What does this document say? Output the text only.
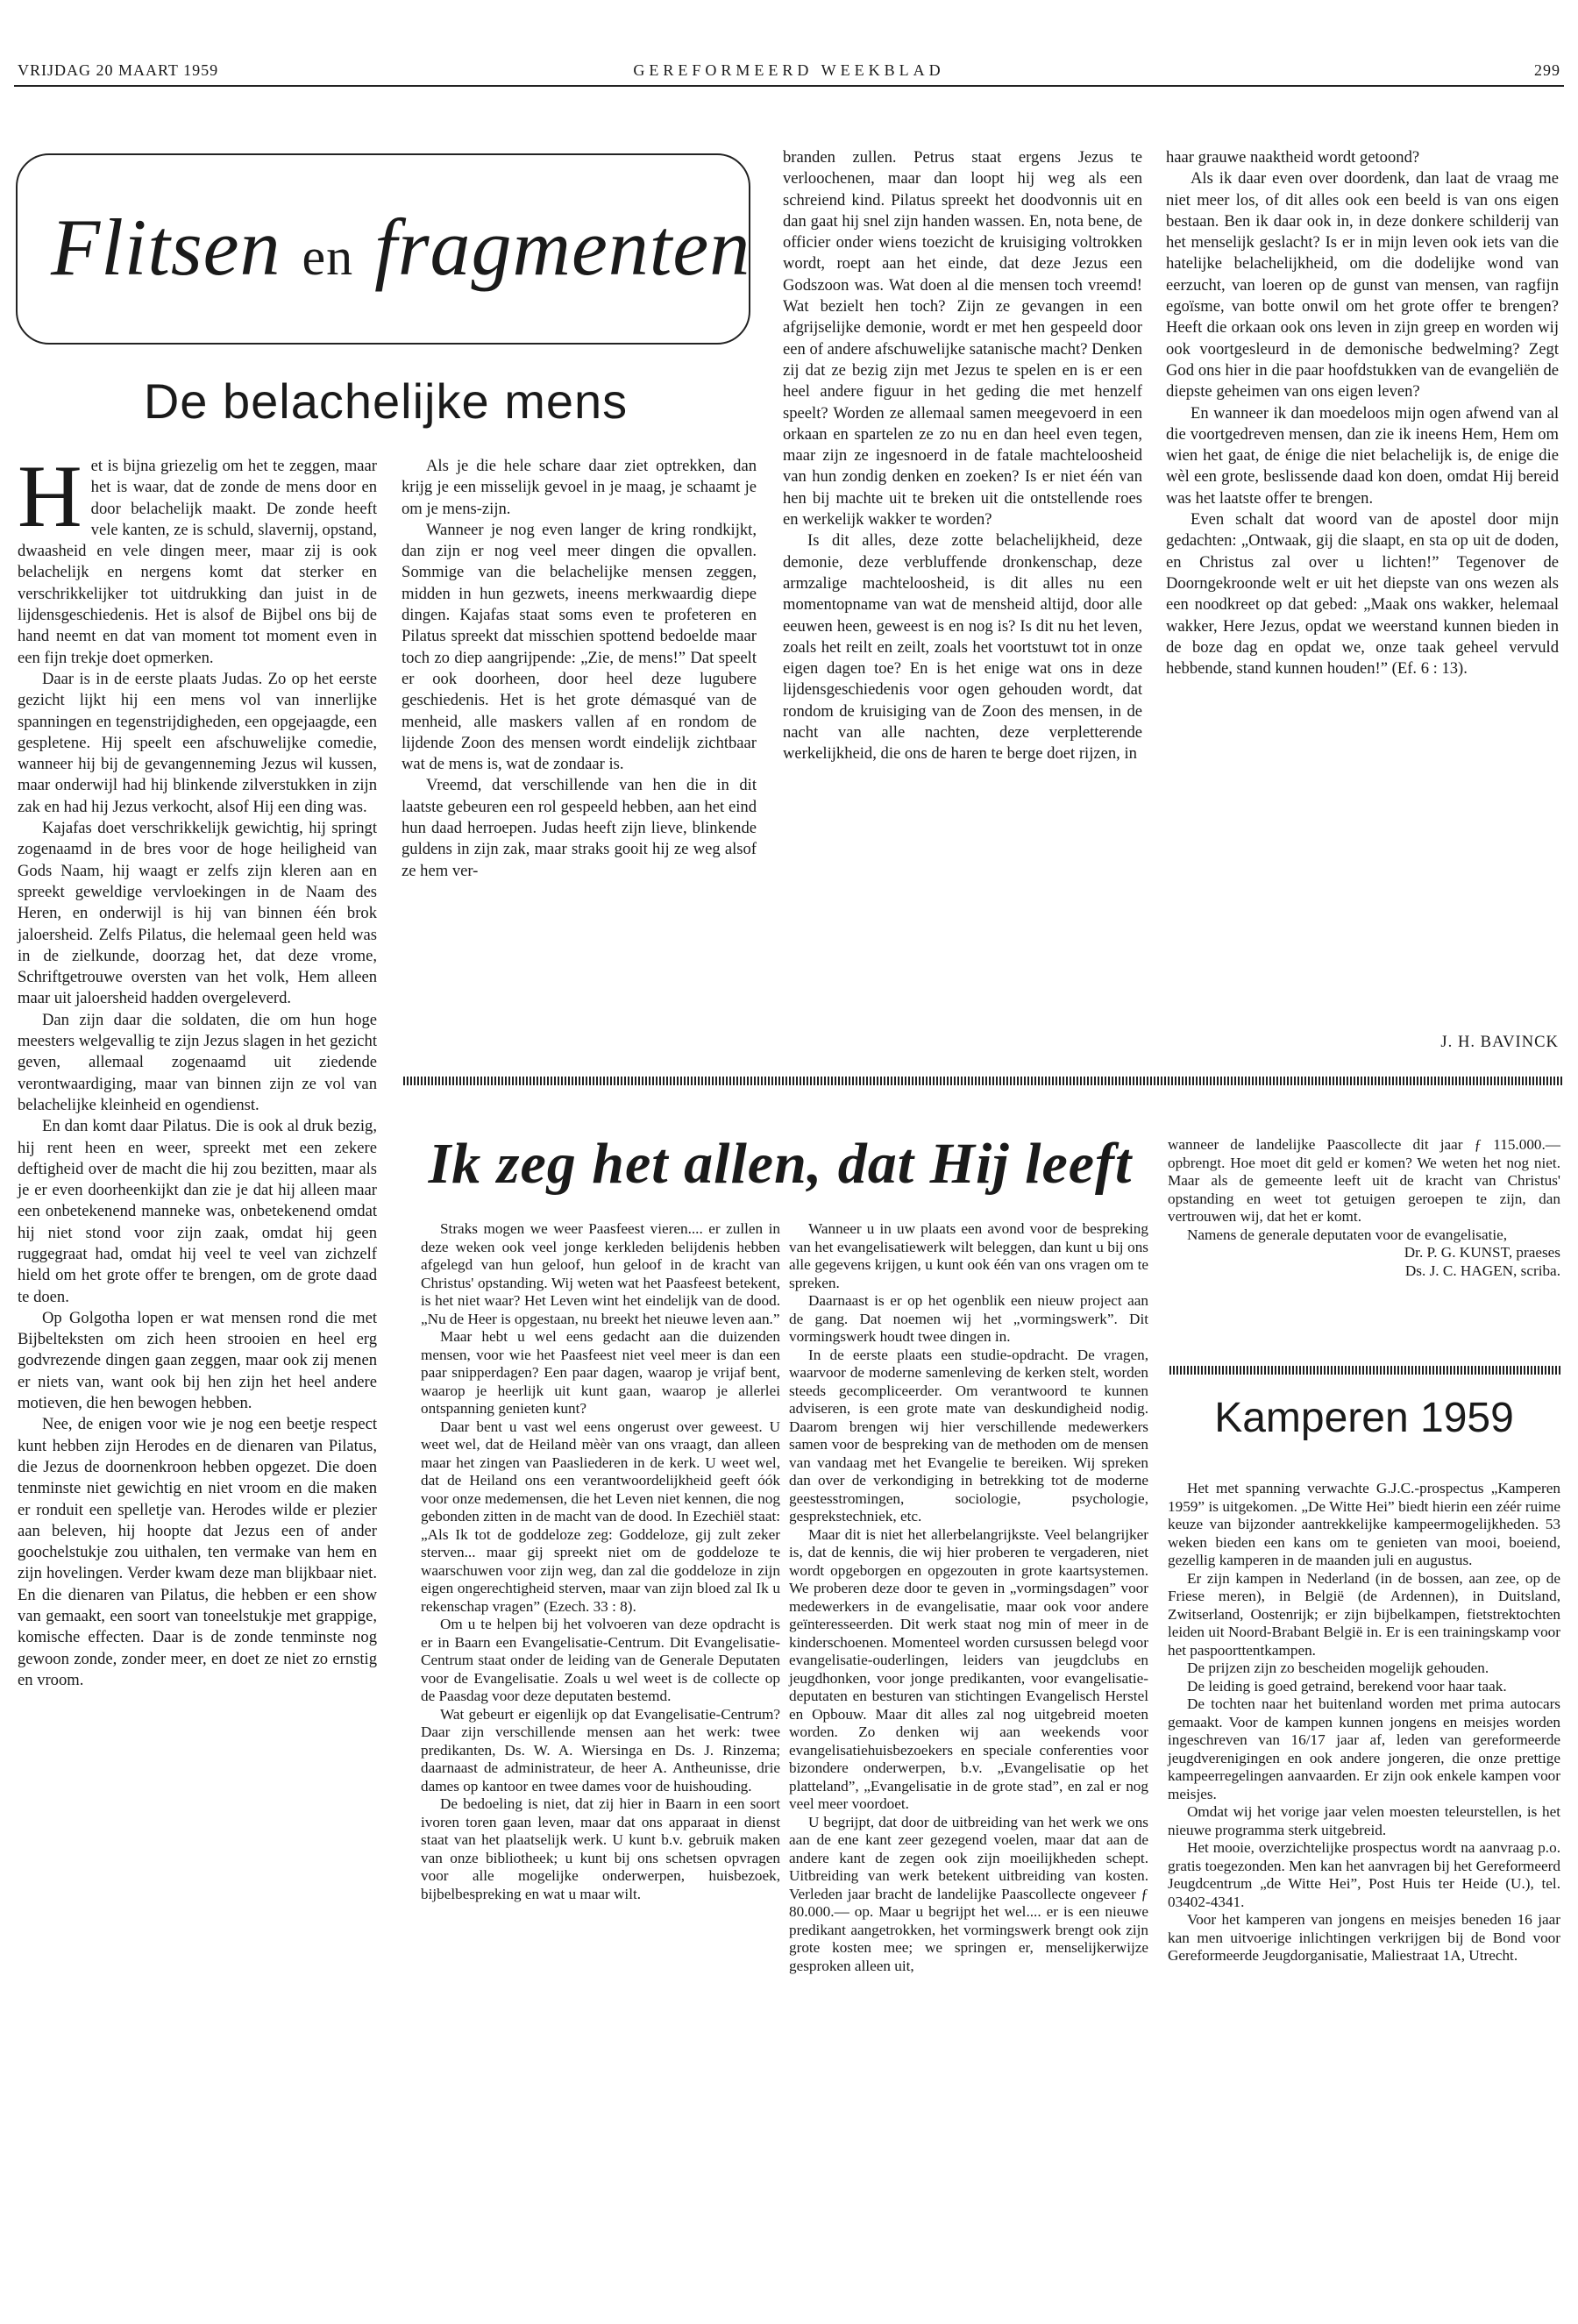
VRIJDAG 20 MAART 1959	GEREFORMEERD WEEKBLAD	299
Flitsen en fragmenten
De belachelijke mens

Het is bijna griezelig om het te zeggen, maar het is waar, dat de zonde de mens door en door belachelijk maakt. De zonde heeft vele kanten, ze is schuld, slavernij, opstand, dwaasheid en vele dingen meer, maar zij is ook belachelijk en nergens komt dat sterker en verschrikkelijker tot uitdrukking dan juist in de lijdensgeschiedenis. Het is alsof de Bijbel ons bij de hand neemt en dat van moment tot moment even in een fijn trekje doet opmerken.

Daar is in de eerste plaats Judas. Zo op het eerste gezicht lijkt hij een mens vol van innerlijke spanningen en tegenstrijdigheden, een opgejaagde, een gespletene. Hij speelt een afschuwelijke comedie, wanneer hij bij de gevangenneming Jezus wil kussen, maar onderwijl had hij blinkende zilverstukken in zijn zak en had hij Jezus verkocht, alsof Hij een ding was.

Kajafas doet verschrikkelijk gewichtig, hij springt zogenaamd in de bres voor de hoge heiligheid van Gods Naam, hij waagt er zelfs zijn kleren aan en spreekt geweldige vervloekingen in de Naam des Heren, en onderwijl is hij van binnen één brok jaloersheid. Zelfs Pilatus, die helemaal geen held was in de zielkunde, doorzag het, dat deze vrome, Schriftgetrouwe oversten van het volk, Hem alleen maar uit jaloersheid hadden overgeleverd.

Dan zijn daar die soldaten, die om hun hoge meesters welgevallig te zijn Jezus slagen in het gezicht geven, allemaal zogenaamd uit ziedende verontwaardiging, maar van binnen zijn ze vol van belachelijke kleinheid en ogendienst.

En dan komt daar Pilatus. Die is ook al druk bezig, hij rent heen en weer, spreekt met een zekere deftigheid over de macht die hij zou bezitten, maar als je er even doorheenkijkt dan zie je dat hij alleen maar een onbetekenend manneke was, onbetekenend omdat hij niet stond voor zijn zaak, omdat hij geen ruggegraat had, omdat hij veel te veel van zichzelf hield om het grote offer te brengen, om de grote daad te doen.

Op Golgotha lopen er wat mensen rond die met Bijbelteksten om zich heen strooien en heel erg godvrezende dingen gaan zeggen, maar ook zij menen er niets van, want ook bij hen zijn het heel andere motieven, die hen bewogen hebben.

Nee, de enigen voor wie je nog een beetje respect kunt hebben zijn Herodes en de dienaren van Pilatus, die Jezus de doornenkroon hebben opgezet. Die doen tenminste niet gewichtig en niet vroom en die maken er ronduit een spelletje van. Herodes wilde er plezier aan beleven, hij hoopte dat Jezus een of ander goochelstukje zou uithalen, ten vermake van hem en zijn hovelingen. Verder kwam deze man blijkbaar niet. En die dienaren van Pilatus, die hebben er een show van gemaakt, een soort van toneelstukje met grappige, komische effecten. Daar is de zonde tenminste nog gewoon zonde, zonder meer, en doet ze niet zo ernstig en vroom.

Als je die hele schare daar ziet optrekken, dan krijg je een misselijk gevoel in je maag, je schaamt je om je mens-zijn.

Wanneer je nog even langer de kring rondkijkt, dan zijn er nog veel meer dingen die opvallen. Sommige van die belachelijke mensen zeggen, midden in hun gezwets, ineens merkwaardig diepe dingen. Kajafas staat soms even te profeteren en Pilatus spreekt dat misschien spottend bedoelde maar toch zo diep aangrijpende: „Zie, de mens!” Dat speelt er ook doorheen, door heel deze lugubere geschiedenis. Het is het grote démasqué van de menheid, alle maskers vallen af en rondom de lijdende Zoon des mensen wordt eindelijk zichtbaar wat de mens is, wat de zondaar is.

Vreemd, dat verschillende van hen die in dit laatste gebeuren een rol gespeeld hebben, aan het eind hun daad herroepen. Judas heeft zijn lieve, blinkende guldens in zijn zak, maar straks gooit hij ze weg alsof ze hem ver-

branden zullen. Petrus staat ergens Jezus te verloochenen, maar dan loopt hij weg als een schreiend kind. Pilatus spreekt het doodvonnis uit en dan gaat hij snel zijn handen wassen. En, nota bene, de officier onder wiens toezicht de kruisiging voltrokken wordt, roept aan het einde, dat deze Jezus een Godszoon was. Wat doen al die mensen toch vreemd! Wat bezielt hen toch? Zijn ze gevangen in een afgrijselijke demonie, wordt er met hen gespeeld door een of andere afschuwelijke satanische macht? Denken zij dat ze bezig zijn met Jezus te spelen en is er een heel andere figuur in het geding die met henzelf speelt? Worden ze allemaal samen meegevoerd in een orkaan en spartelen ze zo nu en dan heel even tegen, maar zijn ze ingesnoerd in de fatale machteloosheid van hun zondig denken en zoeken? Is er niet één van hen bij machte uit te breken uit die ontstellende roes en werkelijk wakker te worden?

Is dit alles, deze zotte belachelijkheid, deze demonie, deze verbluffende dronkenschap, deze armzalige machteloosheid, is dit alles nu een momentopname van wat de mensheid altijd, door alle eeuwen heen, geweest is en nog is? Is dit nu het leven, zoals het reilt en zeilt, zoals het voortstuwt tot in onze eigen dagen toe? En is het enige wat ons in deze lijdensgeschiedenis voor ogen gehouden wordt, dat rondom de kruisiging van de Zoon des mensen, in de nacht van alle nachten, deze verpletterende werkelijkheid, die ons de haren te berge doet rijzen, in

haar grauwe naaktheid wordt getoond?

Als ik daar even over doordenk, dan laat de vraag me niet meer los, of dit alles ook een beeld is van ons eigen bestaan. Ben ik daar ook in, in deze donkere schilderij van het menselijk geslacht? Is er in mijn leven ook iets van die hatelijke belachelijkheid, om die dodelijke wond van eerzucht, van loeren op de gunst van mensen, van ragfijn egoïsme, van botte onwil om het grote offer te brengen? Heeft die orkaan ook ons leven in zijn greep en worden wij ook voortgesleurd in de demonische bedwelming? Zegt God ons hier in die paar hoofdstukken van de evangeliën de diepste geheimen van ons eigen leven?

En wanneer ik dan moedeloos mijn ogen afwend van al die voortgedreven mensen, dan zie ik ineens Hem, Hem om wien het gaat, de énige die niet belachelijk is, de enige die wèl een grote, beslissende daad kon doen, omdat Hij bereid was het laatste offer te brengen.

Even schalt dat woord van de apostel door mijn gedachten: „Ontwaak, gij die slaapt, en sta op uit de doden, en Christus zal over u lichten!” Tegenover de Doorngekroonde welt er uit het diepste van ons wezen als een noodkreet op dat gebed: „Maak ons wakker, helemaal wakker, Here Jezus, opdat we weerstand kunnen bieden in de boze dag en opdat we, onze taak geheel vervuld hebbende, stand kunnen houden!” (Ef. 6 : 13).

J. H. BAVINCK
Ik zeg het allen, dat Hij leeft

Straks mogen we weer Paasfeest vieren.... er zullen in deze weken ook veel jonge kerkleden belijdenis hebben afgelegd van hun geloof, hun geloof in de kracht van Christus' opstanding. Wij weten wat het Paasfeest betekent, is het niet waar? Het Leven wint het eindelijk van de dood. „Nu de Heer is opgestaan, nu breekt het nieuwe leven aan.”

Maar hebt u wel eens gedacht aan die duizenden mensen, voor wie het Paasfeest niet veel meer is dan een paar snipperdagen? Een paar dagen, waarop je vrijaf bent, waarop je heerlijk uit kunt gaan, waarop je allerlei ontspanning genieten kunt?

Daar bent u vast wel eens ongerust over geweest. U weet wel, dat de Heiland mèèr van ons vraagt, dan alleen maar het zingen van Paasliederen in de kerk. U weet wel, dat de Heiland ons een verantwoordelijkheid geeft óók voor onze medemensen, die het Leven niet kennen, die nog gebonden zitten in de macht van de dood. In Ezechiël staat: „Als Ik tot de goddeloze zeg: Goddeloze, gij zult zeker sterven... maar gij spreekt niet om de goddeloze te waarschuwen voor zijn weg, dan zal die goddeloze in zijn eigen ongerechtigheid sterven, maar van zijn bloed zal Ik u rekenschap vragen” (Ezech. 33 : 8).

Om u te helpen bij het volvoeren van deze opdracht is er in Baarn een Evangelisatie-Centrum. Dit Evangelisatie-Centrum staat onder de leiding van de Generale Deputaten voor de Evangelisatie. Zoals u wel weet is de collecte op de Paasdag voor deze deputaten bestemd.

Wat gebeurt er eigenlijk op dat Evangelisatie-Centrum? Daar zijn verschillende mensen aan het werk: twee predikanten, Ds. W. A. Wiersinga en Ds. J. Rinzema; daarnaast de administrateur, de heer A. Antheunisse, drie dames op kantoor en twee dames voor de huishouding.

De bedoeling is niet, dat zij hier in Baarn in een soort ivoren toren gaan leven, maar dat ons apparaat in dienst staat van het plaatselijk werk. U kunt b.v. gebruik maken van onze bibliotheek; u kunt bij ons schetsen opvragen voor alle mogelijke onderwerpen, huisbezoek, bijbelbespreking en wat u maar wilt.

Wanneer u in uw plaats een avond voor de bespreking van het evangelisatiewerk wilt beleggen, dan kunt u bij ons alle gegevens krijgen, u kunt ook één van ons vragen om te spreken.

Daarnaast is er op het ogenblik een nieuw project aan de gang. Dat noemen wij het „vormingswerk”. Dit vormingswerk houdt twee dingen in.

In de eerste plaats een studie-opdracht. De vragen, waarvoor de moderne samenleving de kerken stelt, worden steeds gecompliceerder. Om verantwoord te kunnen adviseren, is een grote mate van deskundigheid nodig. Daarom brengen wij hier verschillende medewerkers samen voor de bespreking van de methoden om de mensen van vandaag met het Evangelie te bereiken. Wij spreken dan over de verkondiging in betrekking tot de moderne geestesstromingen, sociologie, psychologie, gesprekstechniek, etc.

Maar dit is niet het allerbelangrijkste. Veel belangrijker is, dat de kennis, die wij hier proberen te vergaderen, niet wordt opgeborgen en opgezouten in grote kaartsystemen. We proberen deze door te geven in „vormingsdagen” voor medewerkers in de evangelisatie, maar ook voor andere geïnteresseerden. Dit werk staat nog min of meer in de kinderschoenen. Momenteel worden cursussen belegd voor evangelisatie-ouderlingen, leiders van jeugdclubs en jeugdhonken, voor jonge predikanten, voor evangelisatie-deputaten en besturen van stichtingen Evangelisch Herstel en Opbouw. Maar dit alles zal nog uitgebreid moeten worden. Zo denken wij aan weekends voor evangelisatiehuisbezoekers en speciale conferenties voor bizondere onderwerpen, b.v. „Evangelisatie op het platteland”, „Evangelisatie in de grote stad”, en zal er nog veel meer voordoet.

U begrijpt, dat door de uitbreiding van het werk we ons aan de ene kant zeer gezegend voelen, maar dat aan de andere kant de zegen ook zijn moeilijkheden schept. Uitbreiding van werk betekent uitbreiding van kosten. Verleden jaar bracht de landelijke Paascollecte ongeveer ƒ 80.000.— op. Maar u begrijpt het wel.... er is een nieuwe predikant aangetrokken, het vormingswerk brengt ook zijn grote kosten mee; we springen er, menselijkerwijze gesproken alleen uit,

wanneer de landelijke Paascollecte dit jaar ƒ 115.000.— opbrengt. Hoe moet dit geld er komen? We weten het nog niet. Maar als de gemeente leeft uit de kracht van Christus' opstanding en weet tot getuigen geroepen te zijn, dan vertrouwen wij, dat het er komt.

Namens de generale deputaten voor de evangelisatie,

Dr. P. G. KUNST, praeses

Ds. J. C. HAGEN, scriba.

Kamperen 1959

Het met spanning verwachte G.J.C.-prospectus „Kamperen 1959” is uitgekomen. „De Witte Hei” biedt hierin een zéér ruime keuze van bijzonder aantrekkelijke kampeermogelijkheden. 53 weken bieden een kans om te genieten van mooi, boeiend, gezellig kamperen in de maanden juli en augustus.

Er zijn kampen in Nederland (in de bossen, aan zee, op de Friese meren), in België (de Ardennen), in Duitsland, Zwitserland, Oostenrijk; er zijn bijbelkampen, fietstrektochten leiden uit Noord-Brabant België in. Er is een trainingskamp voor het paspoorttentkampen.

De prijzen zijn zo bescheiden mogelijk gehouden.

De leiding is goed getraind, berekend voor haar taak.

De tochten naar het buitenland worden met prima autocars gemaakt. Voor de kampen kunnen jongens en meisjes worden ingeschreven van 16/17 jaar af, leden van gereformeerde jeugdverenigingen en ook andere jongeren, die onze prettige kampeerregelingen aanvaarden. Er zijn ook enkele kampen voor meisjes.

Omdat wij het vorige jaar velen moesten teleurstellen, is het nieuwe programma sterk uitgebreid.

Het mooie, overzichtelijke prospectus wordt na aanvraag p.o. gratis toegezonden. Men kan het aanvragen bij het Gereformeerd Jeugdcentrum „de Witte Hei”, Post Huis ter Heide (U.), tel. 03402-4341.

Voor het kamperen van jongens en meisjes beneden 16 jaar kan men uitvoerige inlichtingen verkrijgen bij de Bond voor Gereformeerde Jeugdorganisatie, Maliestraat 1A, Utrecht.
